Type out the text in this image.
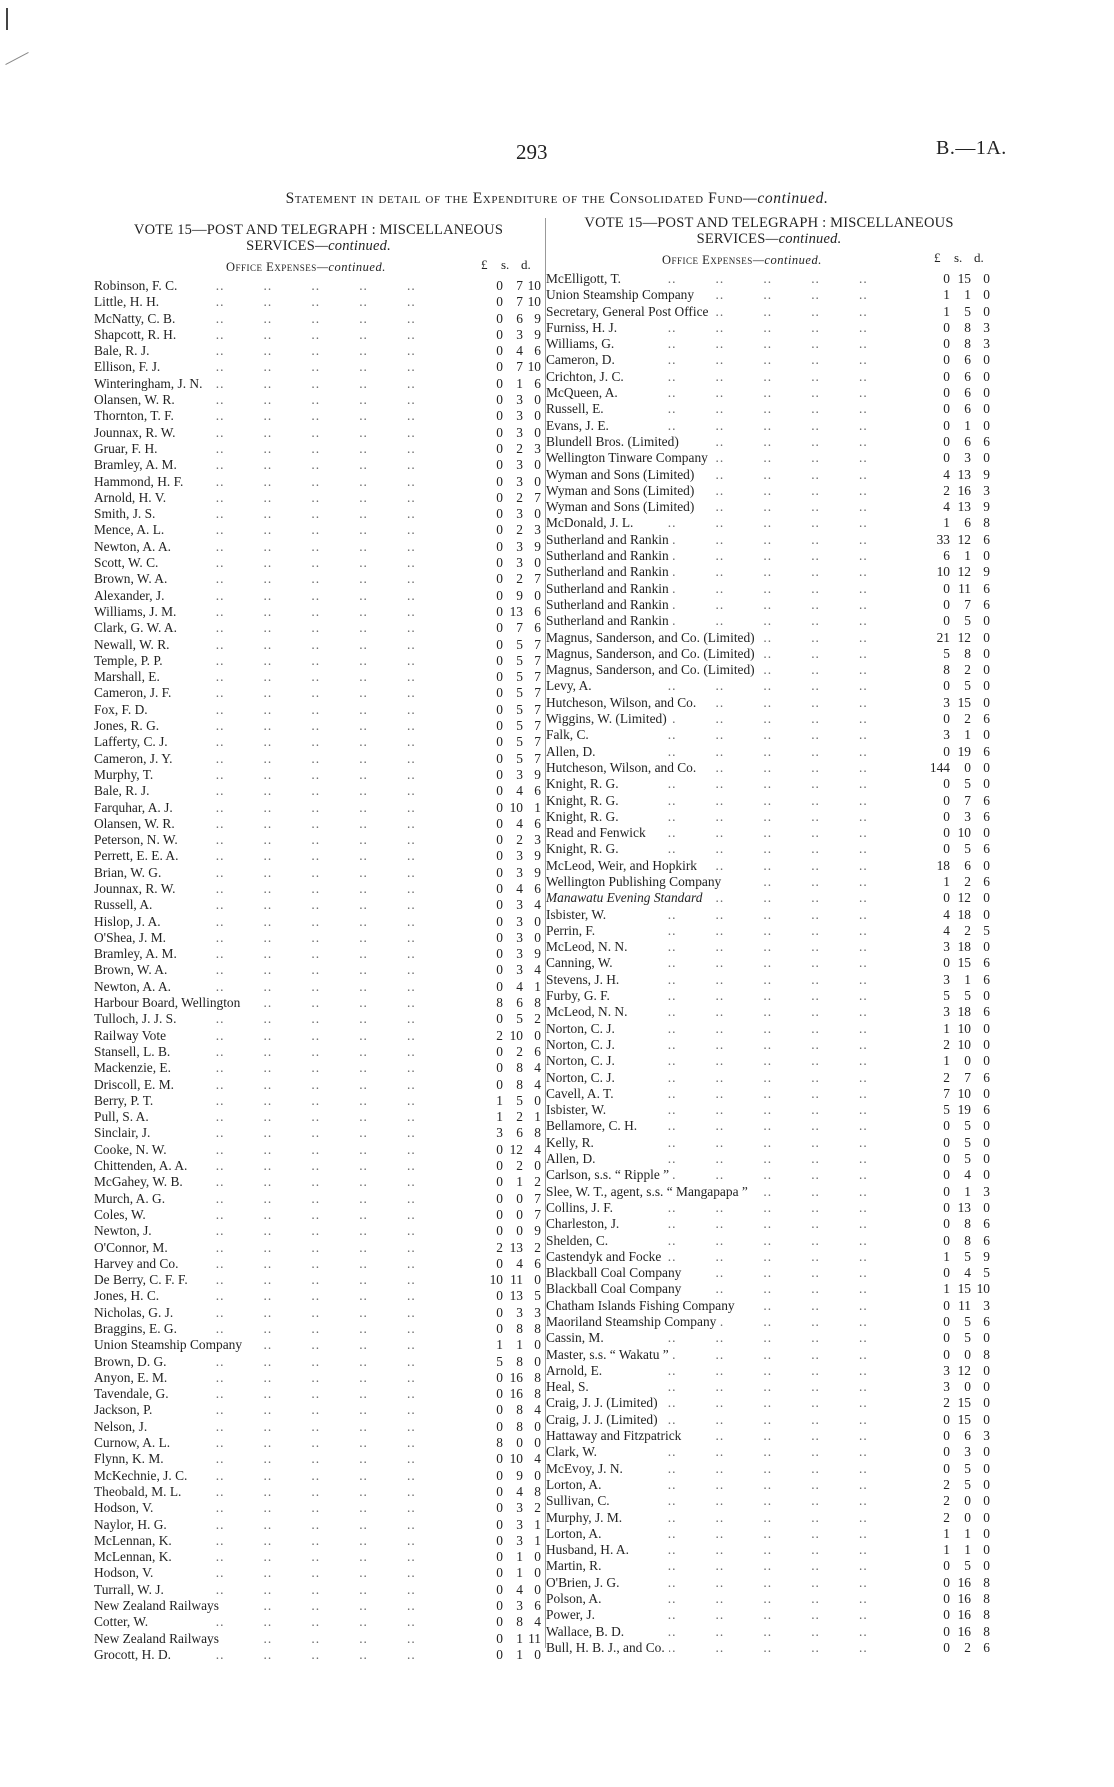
293	B.—1A.
Statement in detail of the Expenditure of the Consolidated Fund—continued.
VOTE 15—POST AND TELEGRAPH : MISCELLANEOUS
SERVICES—continued.
Office Expenses—continued.	£ s. d.
..
Robinson, F. C.	0 7 10
..
Little, H. H.	0 7 10
..
McNatty, C. B.	0 6 9
..
Shapcott, R. H.	0 3 9
..
Bale, R. J.	0 4 6
..
Ellison, F. J.	0 7 10
..
Winteringham, J. N.	0 1 6
..
Olansen, W. R.	0 3 0
..
Thornton, T. F.	0 3 0
..
Jounnax, R. W.	0 3 0
..
Gruar, F. H.	0 2 3
..
Bramley, A. M.	0 3 0
..
Hammond, H. F.	0 3 0
..
Arnold, H. V.	0 2 7
..
Smith, J. S.	0 3 0
..
Mence, A. L.	0 2 3
..
Newton, A. A.	0 3 9
..
Scott, W. C.	0 3 0
..
Brown, W. A.	0 2 7
..
Alexander, J.	0 9 0
..
Williams, J. M.	0 13 6
..
Clark, G. W. A.	0 7 6
..
Newall, W. R.	0 5 7
..
Temple, P. P.	0 5 7
..
Marshall, E.	0 5 7
..
Cameron, J. F.	0 5 7
..
Fox, F. D.	0 5 7
..
Jones, R. G.	0 5 7
..
Lafferty, C. J.	0 5 7
..
Cameron, J. Y.	0 5 7
..
Murphy, T.	0 3 9
..
Bale, R. J.	0 4 6
..
Farquhar, A. J.	0 10 1
..
Olansen, W. R.	0 4 6
..
Peterson, N. W.	0 2 3
..
Perrett, E. E. A.	0 3 9
..
Brian, W. G.	0 3 9
..
Jounnax, R. W.	0 4 6
..
Russell, A.	0 3 4
..
Hislop, J. A.	0 3 0
..
O'Shea, J. M.	0 3 0
..
Bramley, A. M.	0 3 9
..
Brown, W. A.	0 3 4
..
Newton, A. A.	0 4 1
..
Harbour Board, Wellington	8 6 8
..
Tulloch, J. J. S.	0 5 2
..
Railway Vote	2 10 0
..
Stansell, L. B.	0 2 6
..
Mackenzie, E.	0 8 4
..
Driscoll, E. M.	0 8 4
..
Berry, P. T.	1 5 0
..
Pull, S. A.	1 2 1
..
Sinclair, J.	3 6 8
..
Cooke, N. W.	0 12 4
..
Chittenden, A. A.	0 2 0
..
McGahey, W. B.	0 1 2
..
Murch, A. G.	0 0 7
..
Coles, W.	0 0 7
..
Newton, J.	0 0 9
..
O'Connor, M.	2 13 2
..
Harvey and Co.	0 4 6
..
De Berry, C. F. F.	10 11 0
..
Jones, H. C.	0 13 5
..
Nicholas, G. J.	0 3 3
..
Braggins, E. G.	0 8 8
..
Union Steamship Company	1 1 0
..
Brown, D. G.	5 8 0
..
Anyon, E. M.	0 16 8
..
Tavendale, G.	0 16 8
..
Jackson, P.	0 8 4
..
Nelson, J.	0 8 0
..
Curnow, A. L.	8 0 0
..
Flynn, K. M.	0 10 4
..
McKechnie, J. C.	0 9 0
..
Theobald, M. L.	0 4 8
..
Hodson, V.	0 3 2
..
Naylor, H. G.	0 3 1
..
McLennan, K.	0 3 1
..
McLennan, K.	0 1 0
..
Hodson, V.	0 1 0
..
Turrall, W. J.	0 4 0
..
New Zealand Railways	0 3 6
..
Cotter, W.	0 8 4
..
New Zealand Railways	0 1 11
..
Grocott, H. D.	0 1 0
VOTE 15—POST AND TELEGRAPH : MISCELLANEOUS
SERVICES—continued.
Office Expenses—continued.	£ s. d.
..
McElligott, T.	0 15 0
..
Union Steamship Company	1	1 0
..
Secretary, General Post Office	1	5 0
..
Furniss, H. J.	0	8 3
..
Williams, G.	0	8 3
..
Cameron, D.	0	6 0
..
Crichton, J. C.	0	6 0
..
McQueen, A.	0	6 0
..
Russell, E.	0	6 0
..
Evans, J. E.	0	1 0
..
Blundell Bros. (Limited)	0	6 6
..
Wellington Tinware Company	0	3 0
..
Wyman and Sons (Limited)	4 13 9
..
Wyman and Sons (Limited)	2 16 3
..
Wyman and Sons (Limited)	4 13 9
..
McDonald, J. L.	1	6 8
..
Sutherland and Rankin	33 12 6
..
Sutherland and Rankin	6	1 0
..
Sutherland and Rankin	10 12 9
..
Sutherland and Rankin	0 11 6
..
Sutherland and Rankin	0	7 6
..
Sutherland and Rankin	0	5 0
..
Magnus, Sanderson, and Co. (Limited)	21 12 0
..
Magnus, Sanderson, and Co. (Limited)	5	8 0
..
Magnus, Sanderson, and Co. (Limited)	8	2 0
..
Levy, A.	0	5 0
..
Hutcheson, Wilson, and Co.	3 15 0
..
Wiggins, W. (Limited)	0	2 6
..
Falk, C.	3	1 0
..
Allen, D.	0 19 6
..
Hutcheson, Wilson, and Co.	144	0 0
..
Knight, R. G.	0	5 0
..
Knight, R. G.	0	7 6
..
Knight, R. G.	0	3 6
..
Read and Fenwick	0 10 0
..
Knight, R. G.	0	5 6
..
McLeod, Weir, and Hopkirk	18	6 0
..
Wellington Publishing Company	1	2 6
..
Manawatu Evening Standard	0 12 0
..
Isbister, W.	4 18 0
..
Perrin, F.	4	2 5
..
McLeod, N. N.	3 18 0
..
Canning, W.	0 15 6
..
Stevens, J. H.	3	1 6
..
Furby, G. F.	5	5 0
..
McLeod, N. N.	3 18 6
..
Norton, C. J.	1 10 0
..
Norton, C. J.	2 10 0
..
Norton, C. J.	1	0 0
..
Norton, C. J.	2	7 6
..
Cavell, A. T.	7 10 0
..
Isbister, W.	5 19 6
..
Bellamore, C. H.	0	5 0
..
Kelly, R.	0	5 0
..
Allen, D.	0	5 0
..
Carlson, s.s. “ Ripple ”	0	4 0
..
Slee, W. T., agent, s.s. “ Mangapapa ”	0	1 3
..
Collins, J. F.	0 13 0
..
Charleston, J.	0	8 6
..
Shelden, C.	0	8 6
..
Castendyk and Focke	1	5 9
..
Blackball Coal Company	0	4 5
..
Blackball Coal Company	1 15 10
..
Chatham Islands Fishing Company	0 11 3
..
Maoriland Steamship Company	0	5 6
..
Cassin, M.	0	5 0
..
Master, s.s. “ Wakatu ”	0	0 8
..
Arnold, E.	3 12 0
..
Heal, S.	3	0 0
..
Craig, J. J. (Limited)	2 15 0
..
Craig, J. J. (Limited)	0 15 0
..
Hattaway and Fitzpatrick	0	6 3
..
Clark, W.	0	3 0
..
McEvoy, J. N.	0	5 0
..
Lorton, A.	2	5 0
..
Sullivan, C.	2	0 0
..
Murphy, J. M.	2	0 0
..
Lorton, A.	1	1 0
..
Husband, H. A.	1	1 0
..
Martin, R.	0	5 0
..
O'Brien, J. G.	0 16 8
..
Polson, A.	0 16 8
..
Power, J.	0 16 8
..
Wallace, B. D.	0 16 8
..
Bull, H. B. J., and Co.	0	2 6
